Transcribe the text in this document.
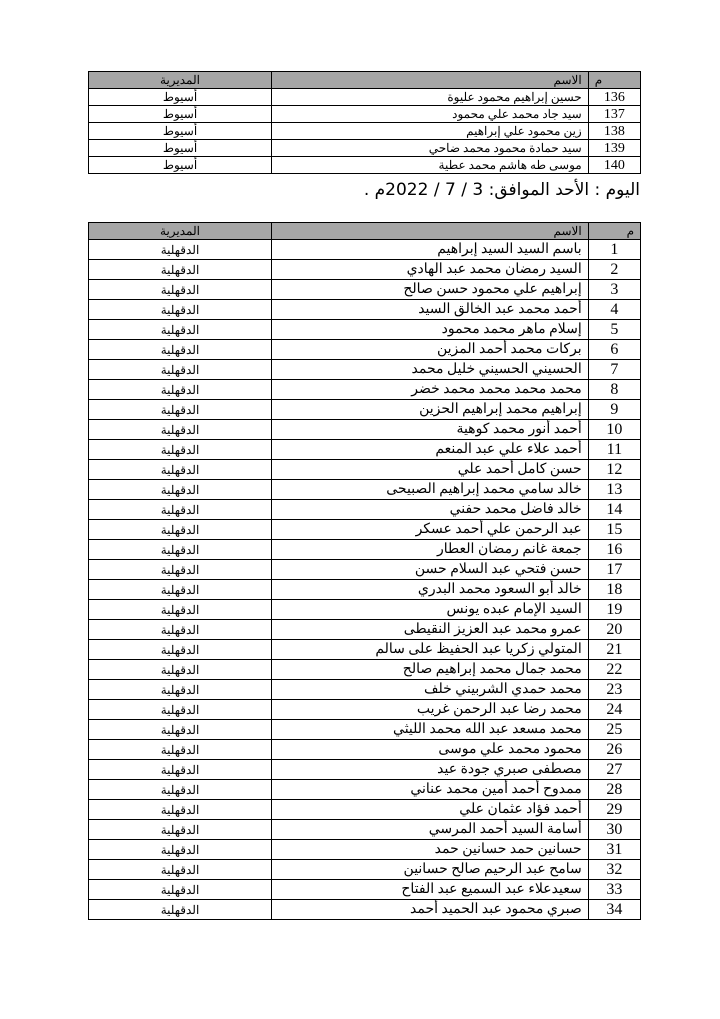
م	الاسم	المديرية
136	حسين إبراهيم محمود عليوة	أسيوط
137	سيد جاد محمد علي محمود	أسيوط
138	زين محمود علي إبراهيم	أسيوط
139	سيد حمادة محمود محمد ضاحي	أسيوط
140	موسى طه هاشم محمد عطية	أسيوط
اليوم : الأحد الموافق: 3 / 7 / 2022م .
م	الاسم	المديرية
1	باسم السيد السيد إبراهيم	الدقهلية
2	السيد رمضان محمد عبد الهادي	الدقهلية
3	إبراهيم علي محمود حسن صالح	الدقهلية
4	أحمد محمد عبد الخالق السيد	الدقهلية
5	إسلام ماهر محمد محمود	الدقهلية
6	بركات محمد أحمد المزين	الدقهلية
7	الحسيني الحسيني خليل محمد	الدقهلية
8	محمد محمد محمد محمد خضر	الدقهلية
9	إبراهيم محمد إبراهيم الحزين	الدقهلية
10	أحمد أنور محمد كوهية	الدقهلية
11	أحمد علاء علي عبد المنعم	الدقهلية
12	حسن كامل أحمد علي	الدقهلية
13	خالد سامي محمد إبراهيم الصبيحى	الدقهلية
14	خالد فاضل محمد حفني	الدقهلية
15	عبد الرحمن علي أحمد عسكر	الدقهلية
16	جمعة غانم رمضان العطار	الدقهلية
17	حسن فتحي عبد السلام حسن	الدقهلية
18	خالد أبو السعود محمد البدري	الدقهلية
19	السيد الإمام عبده يونس	الدقهلية
20	عمرو محمد عبد العزيز النقيطى	الدقهلية
21	المتولي زكريا عبد الحفيظ على سالم	الدقهلية
22	محمد جمال محمد إبراهيم صالح	الدقهلية
23	محمد حمدي الشربيني خلف	الدقهلية
24	محمد رضا عبد الرحمن غريب	الدقهلية
25	محمد مسعد عبد الله محمد الليثي	الدقهلية
26	محمود محمد علي موسى	الدقهلية
27	مصطفى صبري جودة عيد	الدقهلية
28	ممدوح أحمد أمين محمد عناني	الدقهلية
29	أحمد فؤاد عثمان علي	الدقهلية
30	أسامة السيد أحمد المرسي	الدقهلية
31	حسانين حمد حسانين حمد	الدقهلية
32	سامح عبد الرحيم صالح حسانين	الدقهلية
33	سعيدعلاء عبد السميع عبد الفتاح	الدقهلية
34	صبري محمود عبد الحميد أحمد	الدقهلية
